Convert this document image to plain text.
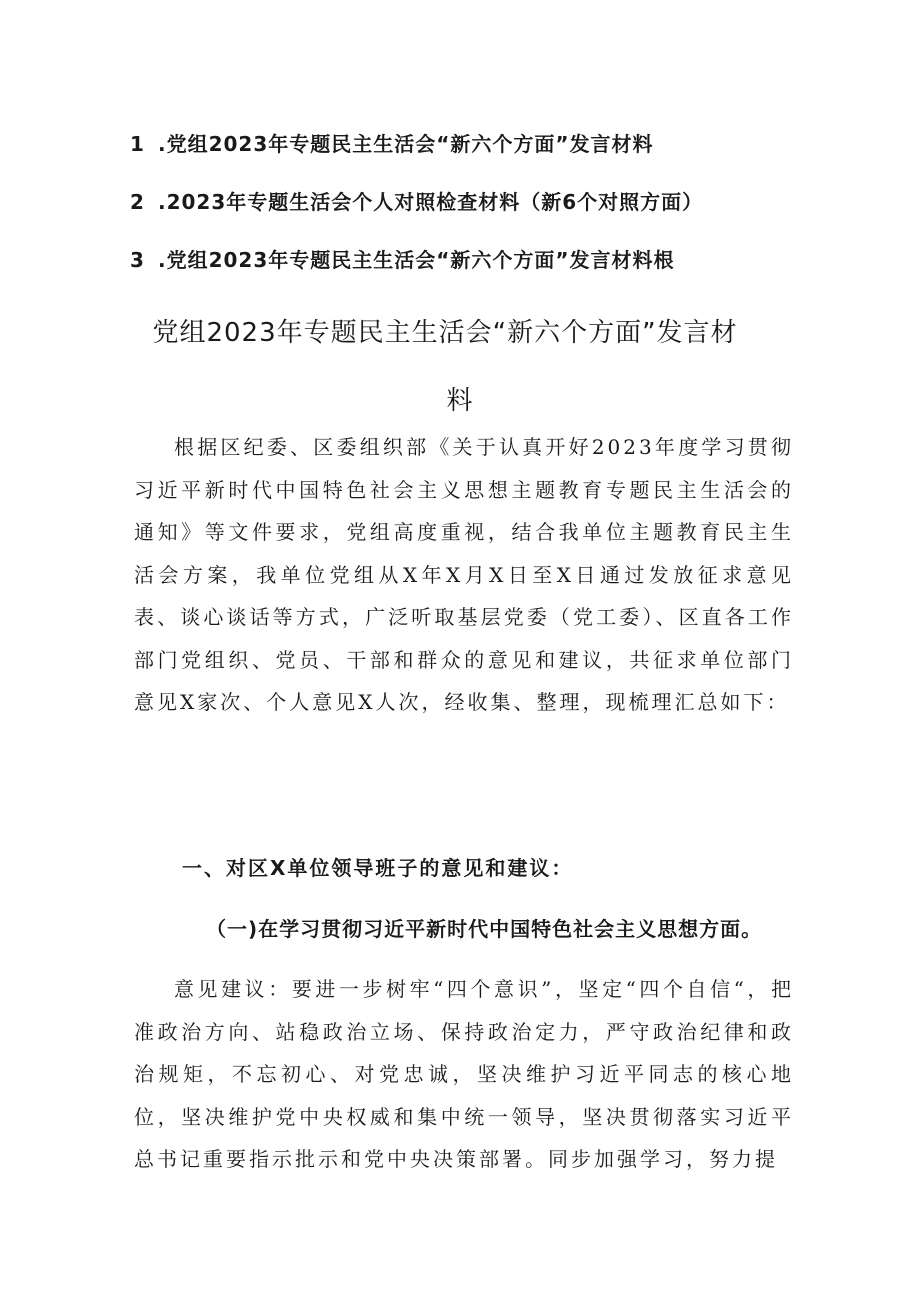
1 .党组2023年专题民主生活会“新六个方面”发言材料
2 .2023年专题生活会个人对照检查材料（新6个对照方面）
3 .党组2023年专题民主生活会“新六个方面”发言材料根
党组2023年专题民主生活会“新六个方面”发言材
料

根据区纪委、区委组织部《关于认真开好2023年度学习贯彻习近平新时代中国特色社会主义思想主题教育专题民主生活会的通知》等文件要求，党组高度重视，结合我单位主题教育民主生活会方案，我单位党组从X年X月X日至X日通过发放征求意见表、谈心谈话等方式，广泛听取基层党委（党工委）、区直各工作部门党组织、党员、干部和群众的意见和建议，共征求单位部门意见X家次、个人意见X人次，经收集、整理，现梳理汇总如下：

一、对区X单位领导班子的意见和建议：
（一)在学习贯彻习近平新时代中国特色社会主义思想方面。

意见建议：要进一步树牢“四个意识”，坚定“四个自信“，把准政治方向、站稳政治立场、保持政治定力，严守政治纪律和政治规矩，不忘初心、对党忠诚，坚决维护习近平同志的核心地位，坚决维护党中央权威和集中统一领导，坚决贯彻落实习近平总书记重要指示批示和党中央决策部署。同步加强学习，努力提
